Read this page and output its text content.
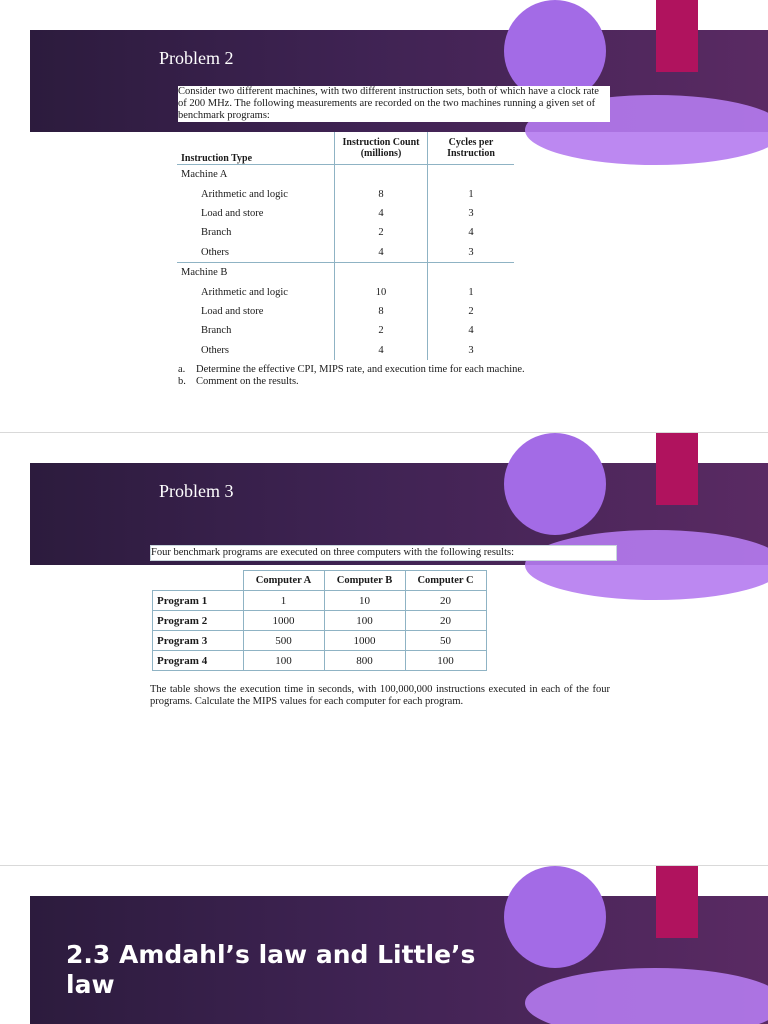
Problem 2
Consider two different machines, with two different instruction sets, both of which have a clock rate of 200 MHz. The following measurements are recorded on the two machines running a given set of benchmark programs:
Instruction Type	Instruction Count (millions)	Cycles per Instruction
Machine A		
Arithmetic and logic	8	1
Load and store	4	3
Branch	2	4
Others	4	3
Machine B		
Arithmetic and logic	10	1
Load and store	8	2
Branch	2	4
Others	4	3
a. Determine the effective CPI, MIPS rate, and execution time for each machine.
b. Comment on the results.
Problem 3
Four benchmark programs are executed on three computers with the following results:
	Computer A	Computer B	Computer C
Program 1	1	10	20
Program 2	1000	100	20
Program 3	500	1000	50
Program 4	100	800	100
The table shows the execution time in seconds, with 100,000,000 instructions executed in each of the four programs. Calculate the MIPS values for each computer for each program.
2.3 Amdahl’s law and Little’s law
